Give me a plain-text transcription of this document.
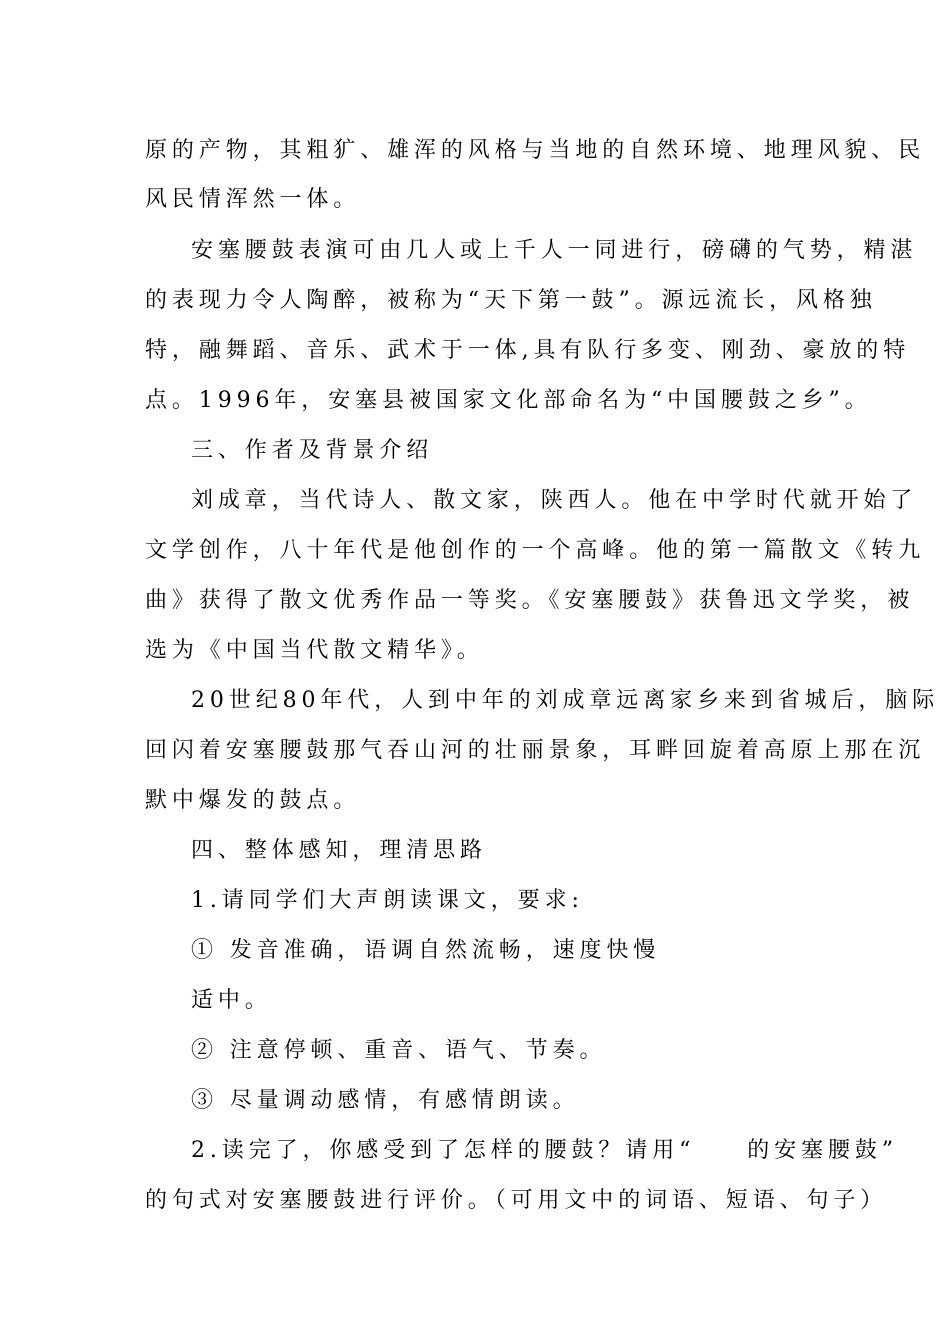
原的产物，其粗犷、雄浑的风格与当地的自然环境、地理风貌、民

风民情浑然一体。

安塞腰鼓表演可由几人或上千人一同进行，磅礴的气势，精湛

的表现力令人陶醉，被称为“天下第一鼓”。源远流长，风格独

特，融舞蹈、音乐、武术于一体,具有队行多变、刚劲、豪放的特

点。1996年，安塞县被国家文化部命名为“中国腰鼓之乡”。

三、作者及背景介绍

刘成章，当代诗人、散文家，陕西人。他在中学时代就开始了

文学创作，八十年代是他创作的一个高峰。他的第一篇散文《转九

曲》获得了散文优秀作品一等奖。《安塞腰鼓》获鲁迅文学奖，被

选为《中国当代散文精华》。

20世纪80年代，人到中年的刘成章远离家乡来到省城后，脑际

回闪着安塞腰鼓那气吞山河的壮丽景象，耳畔回旋着高原上那在沉

默中爆发的鼓点。

四、整体感知，理清思路

1.请同学们大声朗读课文，要求:

① 发音准确，语调自然流畅，速度快慢

适中。

② 注意停顿、重音、语气、节奏。

③ 尽量调动感情，有感情朗读。

2.读完了，你感受到了怎样的腰鼓？请用“ 的安塞腰鼓”

的句式对安塞腰鼓进行评价。（可用文中的词语、短语、句子）
